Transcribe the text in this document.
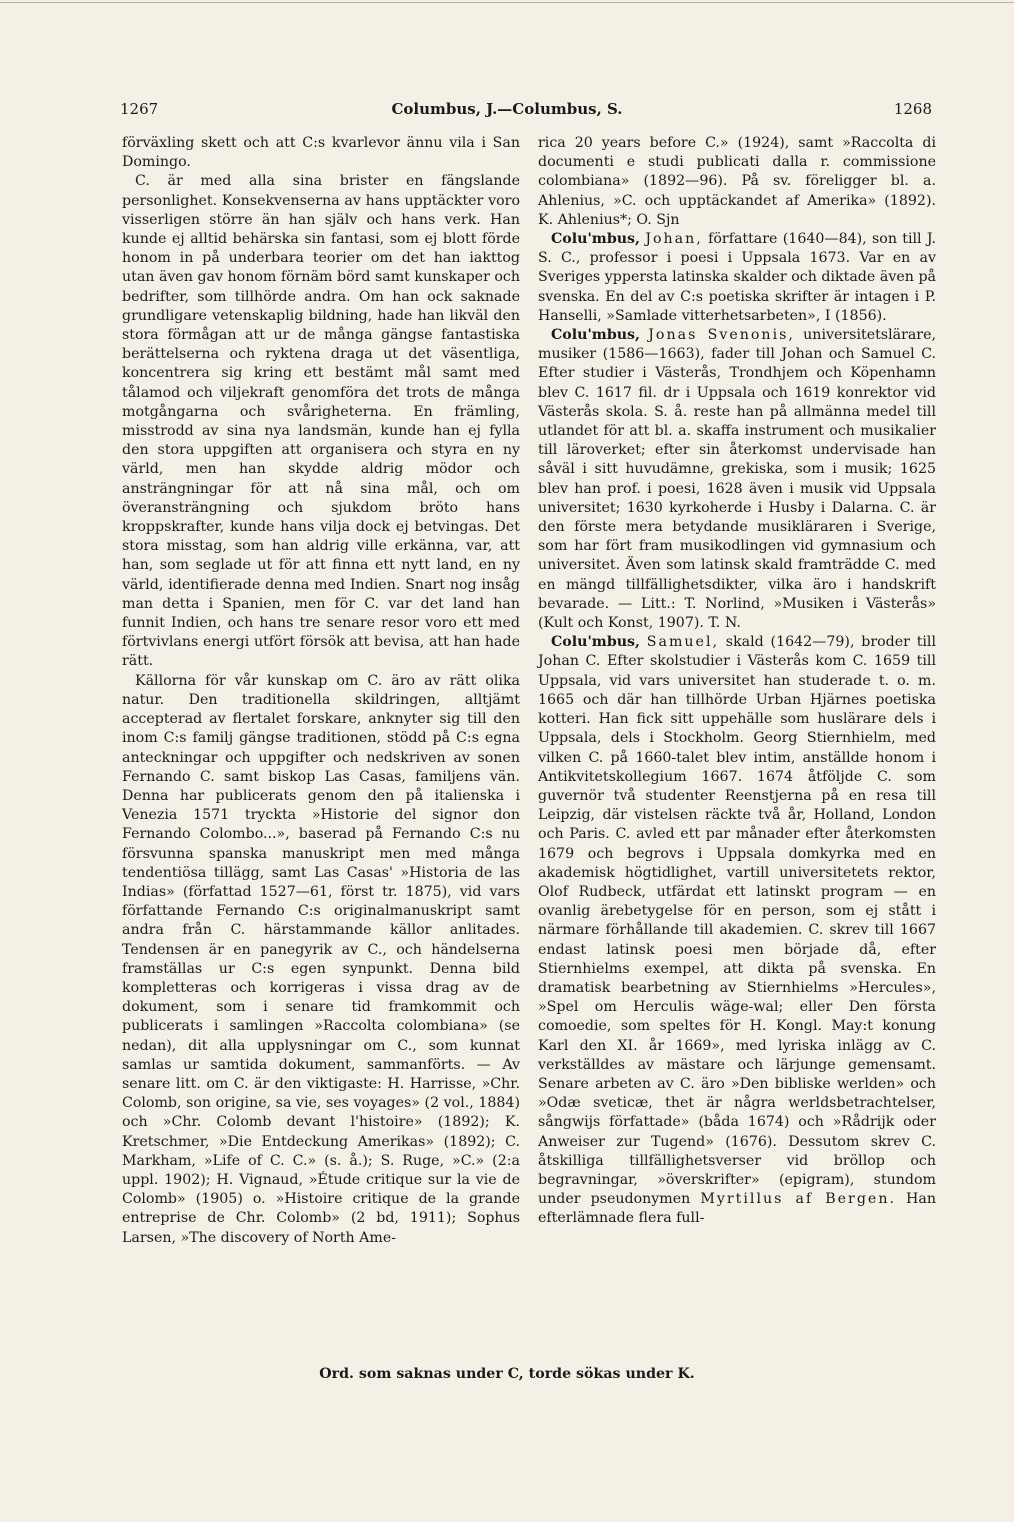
1267	Columbus, J.—Columbus, S.	1268

förväxling skett och att C:s kvarlevor ännu vila i San Domingo.

C. är med alla sina brister en fängslande personlighet. Konsekvenserna av hans upptäckter voro visserligen större än han själv och hans verk. Han kunde ej alltid behärska sin fantasi, som ej blott förde honom in på underbara teorier om det han iakttog utan även gav honom förnäm börd samt kunskaper och bedrifter, som tillhörde andra. Om han ock saknade grundligare vetenskaplig bildning, hade han likväl den stora förmågan att ur de många gängse fantastiska berättelserna och ryktena draga ut det väsentliga, koncentrera sig kring ett bestämt mål samt med tålamod och viljekraft genomföra det trots de många motgångarna och svårigheterna. En främling, misstrodd av sina nya landsmän, kunde han ej fylla den stora uppgiften att organisera och styra en ny värld, men han skydde aldrig mödor och ansträngningar för att nå sina mål, och om överansträngning och sjukdom bröto hans kroppskrafter, kunde hans vilja dock ej betvingas. Det stora misstag, som han aldrig ville erkänna, var, att han, som seglade ut för att finna ett nytt land, en ny värld, identifierade denna med Indien. Snart nog insåg man detta i Spanien, men för C. var det land han funnit Indien, och hans tre senare resor voro ett med förtvivlans energi utfört försök att bevisa, att han hade rätt.

Källorna för vår kunskap om C. äro av rätt olika natur. Den traditionella skildringen, alltjämt accepterad av flertalet forskare, anknyter sig till den inom C:s familj gängse traditionen, stödd på C:s egna anteckningar och uppgifter och nedskriven av sonen Fernando C. samt biskop Las Casas, familjens vän. Denna har publicerats genom den på italienska i Venezia 1571 tryckta »Historie del signor don Fernando Colombo...», baserad på Fernando C:s nu försvunna spanska manuskript men med många tendentiösa tillägg, samt Las Casas' »Historia de las Indias» (författad 1527—61, först tr. 1875), vid vars författande Fernando C:s originalmanuskript samt andra från C. härstammande källor anlitades. Tendensen är en panegyrik av C., och händelserna framställas ur C:s egen synpunkt. Denna bild kompletteras och korrigeras i vissa drag av de dokument, som i senare tid framkommit och publicerats i samlingen »Raccolta colombiana» (se nedan), dit alla upplysningar om C., som kunnat samlas ur samtida dokument, sammanförts. — Av senare litt. om C. är den viktigaste: H. Harrisse, »Chr. Colomb, son origine, sa vie, ses voyages» (2 vol., 1884) och »Chr. Colomb devant l'histoire» (1892); K. Kretschmer, »Die Entdeckung Amerikas» (1892); C. Markham, »Life of C. C.» (s. å.); S. Ruge, »C.» (2:a uppl. 1902); H. Vignaud, »Étude critique sur la vie de Colomb» (1905) o. »Histoire critique de la grande entreprise de Chr. Colomb» (2 bd, 1911); Sophus Larsen, »The discovery of North Ame-

rica 20 years before C.» (1924), samt »Raccolta di documenti e studi publicati dalla r. commissione colombiana» (1892—96). På sv. föreligger bl. a. Ahlenius, »C. och upptäckandet af Amerika» (1892). K. Ahlenius*; O. Sjn

Colu'mbus, Johan, författare (1640—84), son till J. S. C., professor i poesi i Uppsala 1673. Var en av Sveriges yppersta latinska skalder och diktade även på svenska. En del av C:s poetiska skrifter är intagen i P. Hanselli, »Samlade vitterhetsarbeten», I (1856).

Colu'mbus, Jonas Svenonis, universitetslärare, musiker (1586—1663), fader till Johan och Samuel C. Efter studier i Västerås, Trondhjem och Köpenhamn blev C. 1617 fil. dr i Uppsala och 1619 konrektor vid Västerås skola. S. å. reste han på allmänna medel till utlandet för att bl. a. skaffa instrument och musikalier till läroverket; efter sin återkomst undervisade han såväl i sitt huvudämne, grekiska, som i musik; 1625 blev han prof. i poesi, 1628 även i musik vid Uppsala universitet; 1630 kyrkoherde i Husby i Dalarna. C. är den förste mera betydande musikläraren i Sverige, som har fört fram musikodlingen vid gymnasium och universitet. Även som latinsk skald framträdde C. med en mängd tillfällighetsdikter, vilka äro i handskrift bevarade. — Litt.: T. Norlind, »Musiken i Västerås» (Kult och Konst, 1907). T. N.

Colu'mbus, Samuel, skald (1642—79), broder till Johan C. Efter skolstudier i Västerås kom C. 1659 till Uppsala, vid vars universitet han studerade t. o. m. 1665 och där han tillhörde Urban Hjärnes poetiska kotteri. Han fick sitt uppehälle som huslärare dels i Uppsala, dels i Stockholm. Georg Stiernhielm, med vilken C. på 1660-talet blev intim, anställde honom i Antikvitetskollegium 1667. 1674 åtföljde C. som guvernör två studenter Reenstjerna på en resa till Leipzig, där vistelsen räckte två år, Holland, London och Paris. C. avled ett par månader efter återkomsten 1679 och begrovs i Uppsala domkyrka med en akademisk högtidlighet, vartill universitetets rektor, Olof Rudbeck, utfärdat ett latinskt program — en ovanlig ärebetygelse för en person, som ej stått i närmare förhållande till akademien. C. skrev till 1667 endast latinsk poesi men började då, efter Stiernhielms exempel, att dikta på svenska. En dramatisk bearbetning av Stiernhielms »Hercules», »Spel om Herculis wäge-wal; eller Den första comoedie, som speltes för H. Kongl. May:t konung Karl den XI. år 1669», med lyriska inlägg av C. verkställdes av mästare och lärjunge gemensamt. Senare arbeten av C. äro »Den bibliske werlden» och »Odæ sveticæ, thet är några werldsbetrachtelser, sångwijs författade» (båda 1674) och »Rådrijk oder Anweiser zur Tugend» (1676). Dessutom skrev C. åtskilliga tillfällighetsverser vid bröllop och begravningar, »överskrifter» (epigram), stundom under pseudonymen Myrtillus af Bergen. Han efterlämnade flera full-

Ord. som saknas under C, torde sökas under K.
